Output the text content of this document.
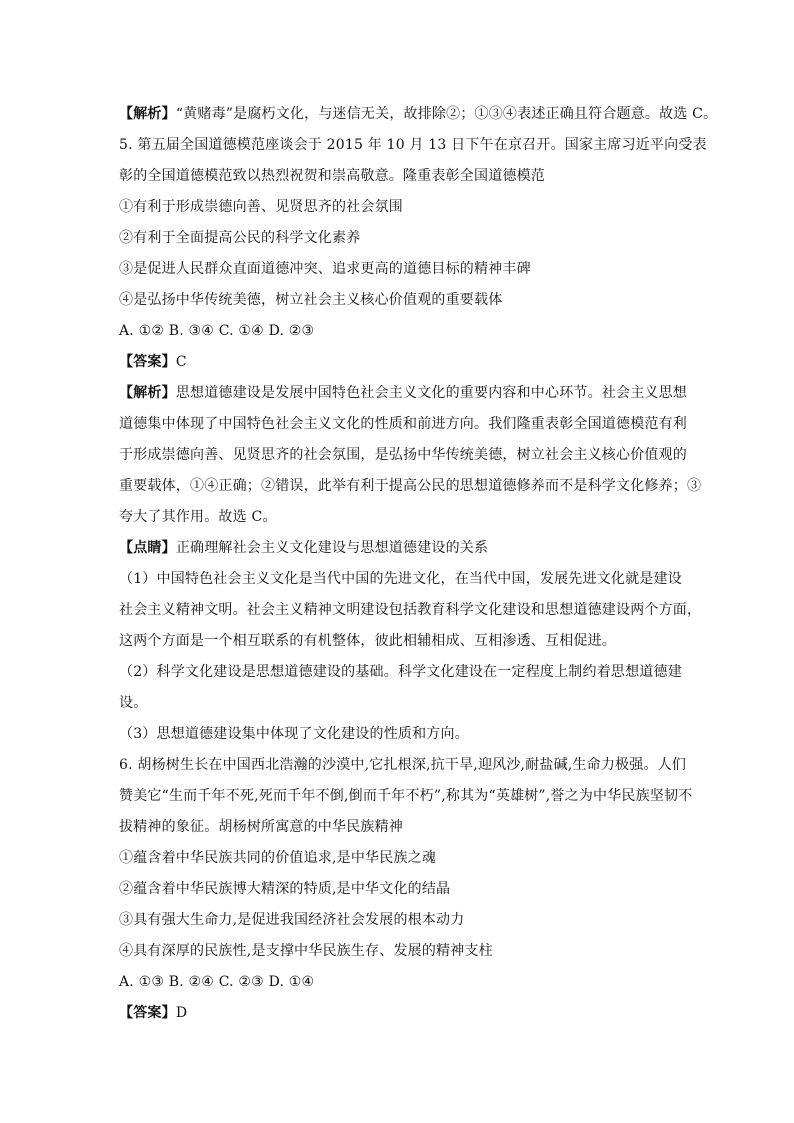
【解析】“黄赌毒”是腐朽文化，与迷信无关，故排除②；①③④表述正确且符合题意。故选 C。
5. 第五届全国道德模范座谈会于 2015 年 10 月 13 日下午在京召开。国家主席习近平向受表
彰的全国道德模范致以热烈祝贺和崇高敬意。隆重表彰全国道德模范
①有利于形成崇德向善、见贤思齐的社会氛围
②有利于全面提高公民的科学文化素养
③是促进人民群众直面道德冲突、追求更高的道德目标的精神丰碑
④是弘扬中华传统美德，树立社会主义核心价值观的重要载体
A. ①② B. ③④ C. ①④ D. ②③
【答案】C
【解析】思想道德建设是发展中国特色社会主义文化的重要内容和中心环节。社会主义思想
道德集中体现了中国特色社会主义文化的性质和前进方向。我们隆重表彰全国道德模范有利
于形成崇德向善、见贤思齐的社会氛围，是弘扬中华传统美德，树立社会主义核心价值观的
重要载体，①④正确；②错误，此举有利于提高公民的思想道德修养而不是科学文化修养；③
夸大了其作用。故选 C。
【点睛】正确理解社会主义文化建设与思想道德建设的关系
（1）中国特色社会主义文化是当代中国的先进文化，在当代中国，发展先进文化就是建设
社会主义精神文明。社会主义精神文明建设包括教育科学文化建设和思想道德建设两个方面，
这两个方面是一个相互联系的有机整体，彼此相辅相成、互相渗透、互相促进。
（2）科学文化建设是思想道德建设的基础。科学文化建设在一定程度上制约着思想道德建
设。
（3）思想道德建设集中体现了文化建设的性质和方向。
6. 胡杨树生长在中国西北浩瀚的沙漠中,它扎根深,抗干旱,迎风沙,耐盐碱,生命力极强。人们
赞美它“生而千年不死,死而千年不倒,倒而千年不朽”,称其为“英雄树”,誉之为中华民族坚韧不
拔精神的象征。胡杨树所寓意的中华民族精神
①蕴含着中华民族共同的价值追求,是中华民族之魂
②蕴含着中华民族博大精深的特质,是中华文化的结晶
③具有强大生命力,是促进我国经济社会发展的根本动力
④具有深厚的民族性,是支撑中华民族生存、发展的精神支柱
A. ①③ B. ②④ C. ②③ D. ①④
【答案】D
